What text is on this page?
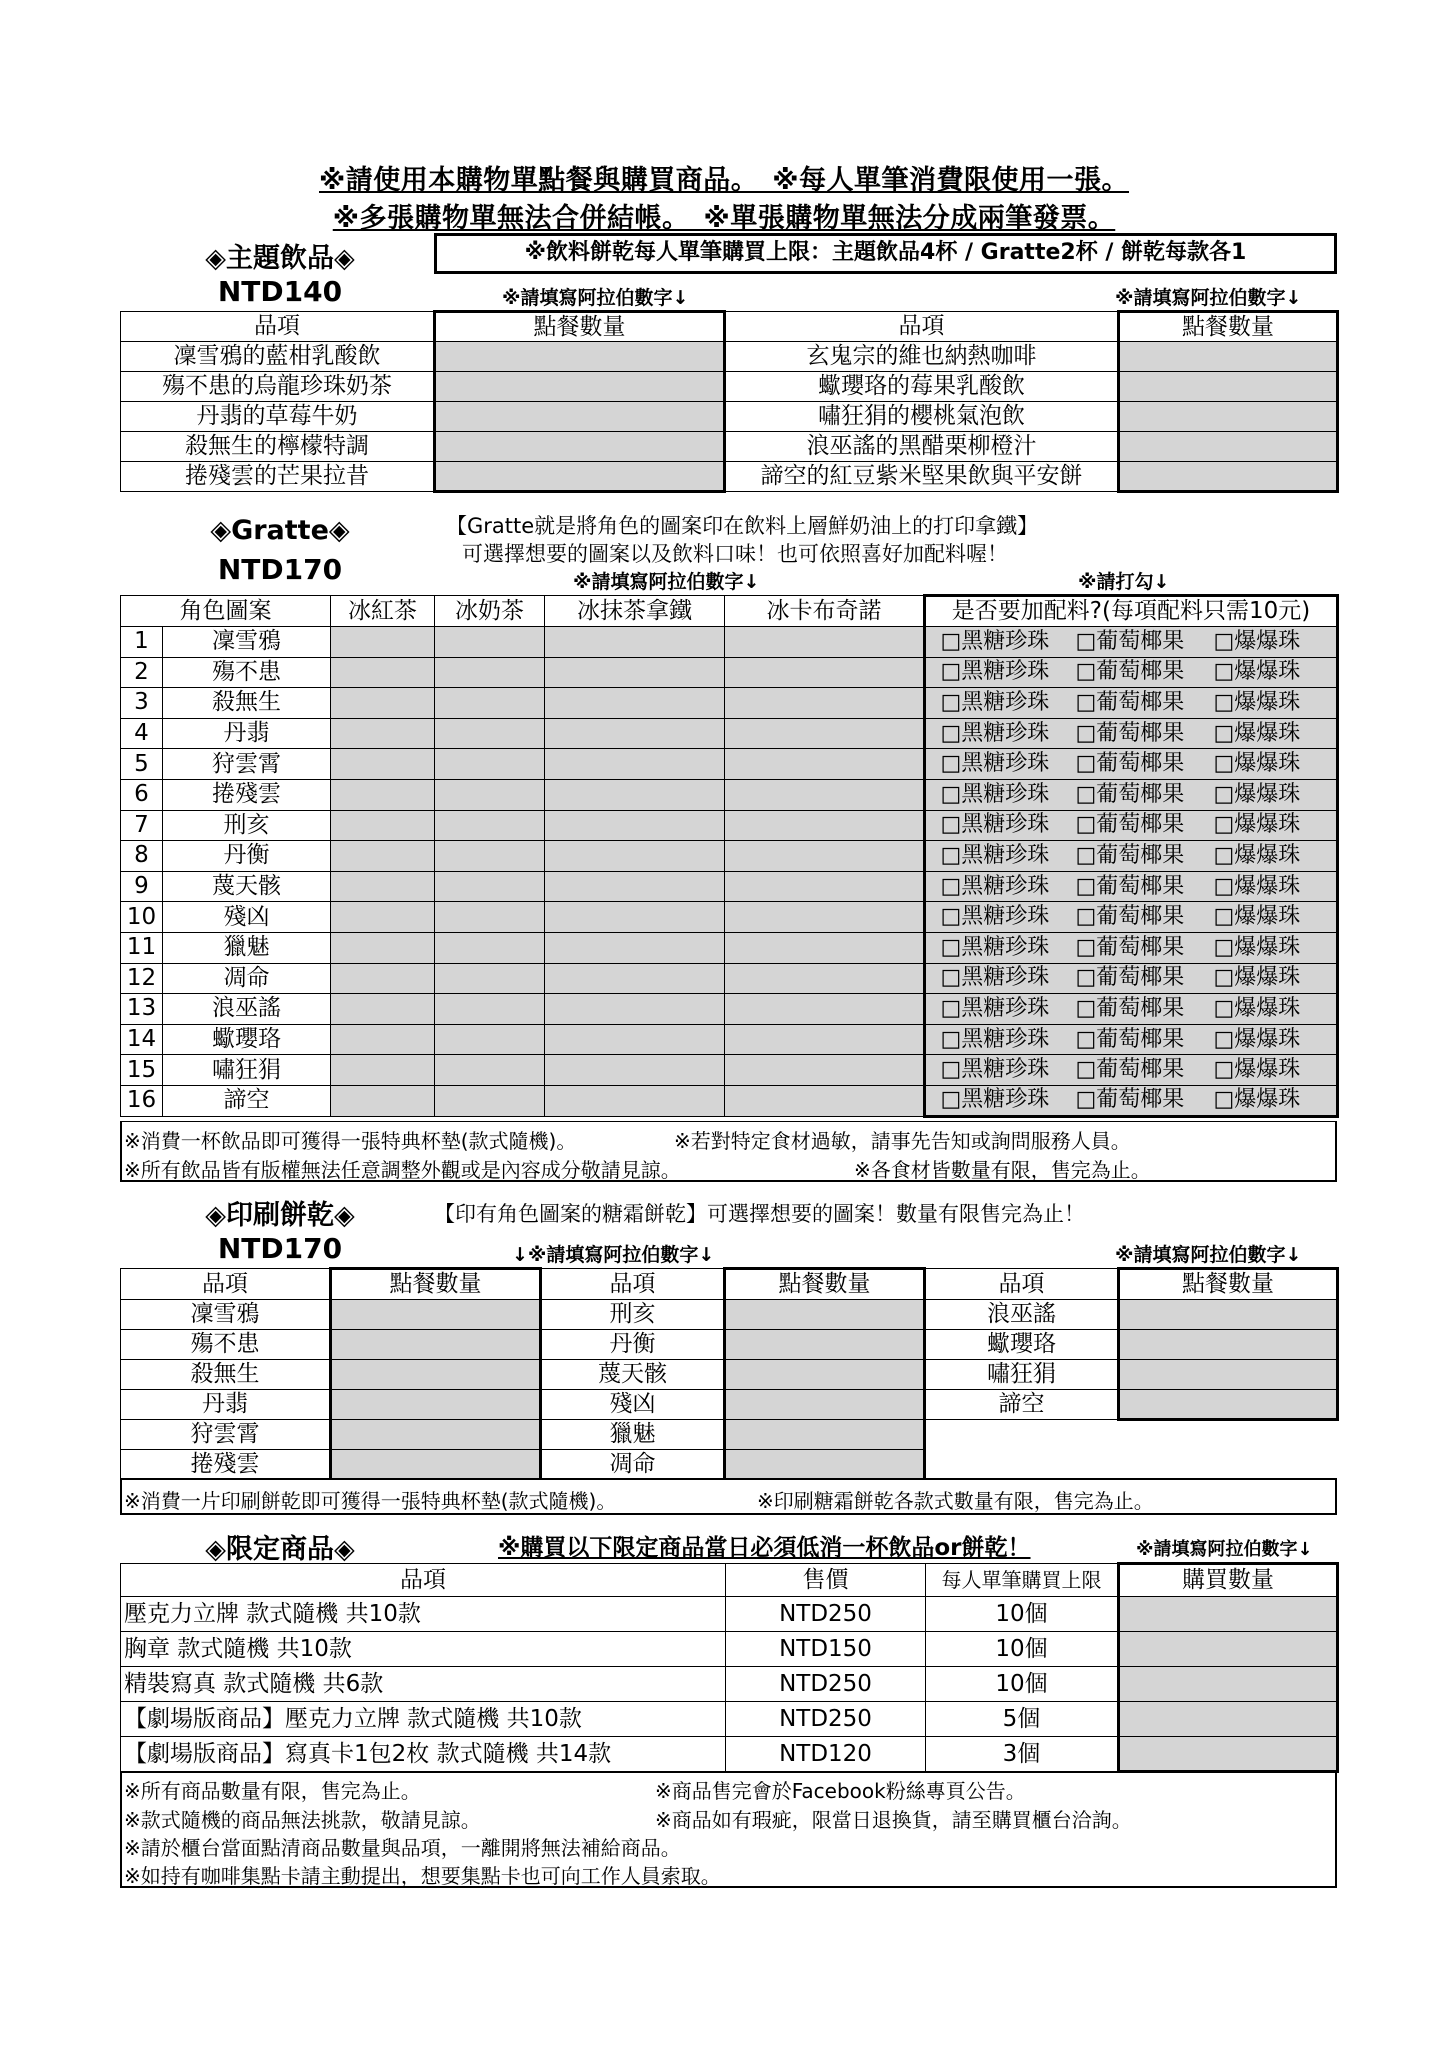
※請使用本購物單點餐與購買商品。　※每人單筆消費限使用一張。
※多張購物單無法合併結帳。　※單張購物單無法分成兩筆發票。
◈主題飲品◈
NTD140
※飲料餅乾每人單筆購買上限：主題飲品4杯 / Gratte2杯 / 餅乾每款各1
※請填寫阿拉伯數字↓	※請填寫阿拉伯數字↓
品項	點餐數量	品項	點餐數量
凜雪鴉的藍柑乳酸飲		玄鬼宗的維也納熱咖啡	
殤不患的烏龍珍珠奶茶		蠍瓔珞的莓果乳酸飲	
丹翡的草莓牛奶		嘯狂狷的櫻桃氣泡飲	
殺無生的檸檬特調		浪巫謠的黑醋栗柳橙汁	
捲殘雲的芒果拉昔		諦空的紅豆紫米堅果飲與平安餅	
◈Gratte◈
NTD170
【Gratte就是將角色的圖案印在飲料上層鮮奶油上的打印拿鐵】
可選擇想要的圖案以及飲料口味！也可依照喜好加配料喔！
※請填寫阿拉伯數字↓	※請打勾↓
角色圖案		冰紅茶	冰奶茶	冰抹茶拿鐵	冰卡布奇諾	是否要加配料?(每項配料只需10元)
1	凜雪鴉					□黑糖珍珠 □葡萄椰果 □爆爆珠
2	殤不患					□黑糖珍珠 □葡萄椰果 □爆爆珠
3	殺無生					□黑糖珍珠 □葡萄椰果 □爆爆珠
4	丹翡					□黑糖珍珠 □葡萄椰果 □爆爆珠
5	狩雲霄					□黑糖珍珠 □葡萄椰果 □爆爆珠
6	捲殘雲					□黑糖珍珠 □葡萄椰果 □爆爆珠
7	刑亥					□黑糖珍珠 □葡萄椰果 □爆爆珠
8	丹衡					□黑糖珍珠 □葡萄椰果 □爆爆珠
9	蔑天骸					□黑糖珍珠 □葡萄椰果 □爆爆珠
10	殘凶					□黑糖珍珠 □葡萄椰果 □爆爆珠
11	獵魅					□黑糖珍珠 □葡萄椰果 □爆爆珠
12	凋命					□黑糖珍珠 □葡萄椰果 □爆爆珠
13	浪巫謠					□黑糖珍珠 □葡萄椰果 □爆爆珠
14	蠍瓔珞					□黑糖珍珠 □葡萄椰果 □爆爆珠
15	嘯狂狷					□黑糖珍珠 □葡萄椰果 □爆爆珠
16	諦空					□黑糖珍珠 □葡萄椰果 □爆爆珠
※消費一杯飲品即可獲得一張特典杯墊(款式隨機)。	※若對特定食材過敏，請事先告知或詢問服務人員。
※所有飲品皆有版權無法任意調整外觀或是內容成分敬請見諒。	※各食材皆數量有限，售完為止。
◈印刷餅乾◈
NTD170
【印有角色圖案的糖霜餅乾】可選擇想要的圖案！數量有限售完為止！
↓※請填寫阿拉伯數字↓	※請填寫阿拉伯數字↓
品項	點餐數量	品項	點餐數量	品項	點餐數量
凜雪鴉		刑亥		浪巫謠	
殤不患		丹衡		蠍瓔珞	
殺無生		蔑天骸		嘯狂狷	
丹翡		殘凶		諦空	
狩雲霄		獵魅			
捲殘雲		凋命			
※消費一片印刷餅乾即可獲得一張特典杯墊(款式隨機)。	※印刷糖霜餅乾各款式數量有限，售完為止。
◈限定商品◈	※購買以下限定商品當日必須低消一杯飲品or餅乾！	※請填寫阿拉伯數字↓
品項	售價	每人單筆購買上限	購買數量
壓克力立牌 款式隨機 共10款	NTD250	10個	
胸章 款式隨機 共10款	NTD150	10個	
精裝寫真 款式隨機 共6款	NTD250	10個	
【劇場版商品】壓克力立牌 款式隨機 共10款	NTD250	5個	
【劇場版商品】寫真卡1包2枚 款式隨機 共14款	NTD120	3個	
※所有商品數量有限，售完為止。	※商品售完會於Facebook粉絲專頁公告。
※款式隨機的商品無法挑款，敬請見諒。	※商品如有瑕疵，限當日退換貨，請至購買櫃台洽詢。
※請於櫃台當面點清商品數量與品項，一離開將無法補給商品。
※如持有咖啡集點卡請主動提出，想要集點卡也可向工作人員索取。
